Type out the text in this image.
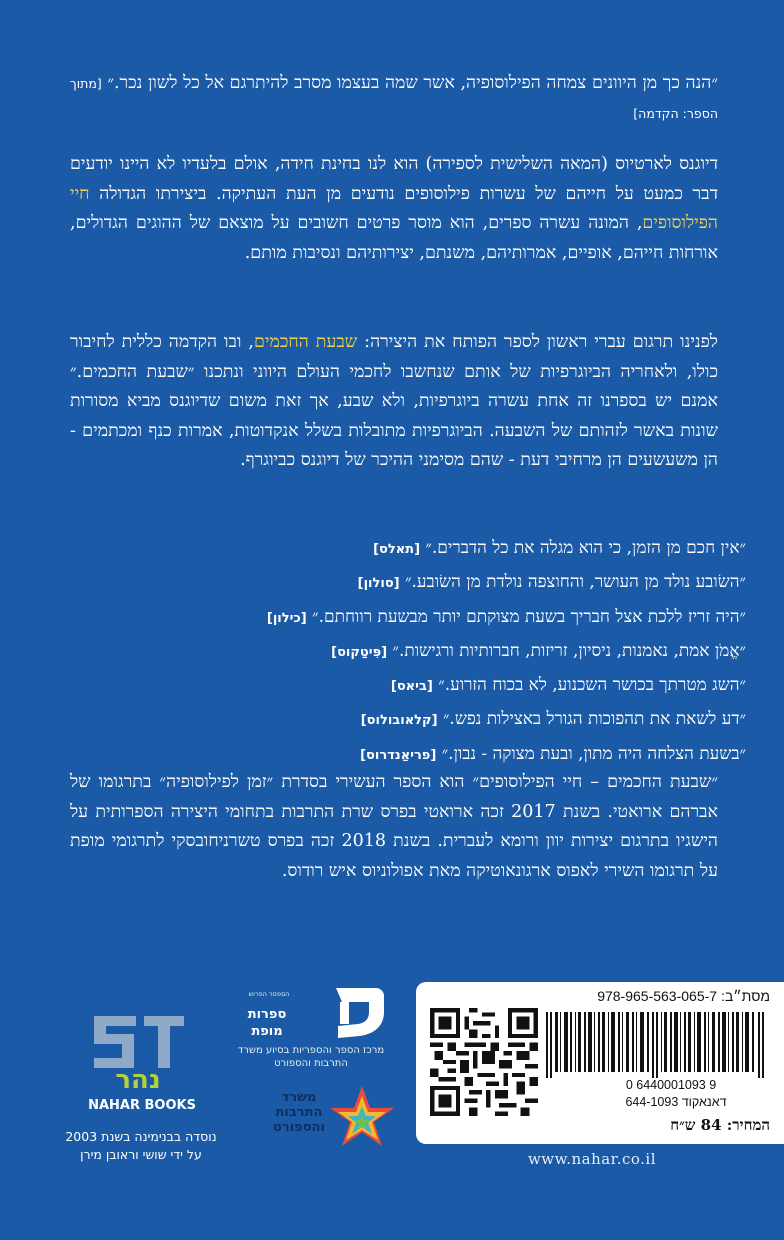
״הנה כך מן היוונים צמחה הפילוסופיה, אשר שמה בעצמו מסרב להיתרגם אל כל לשון נכר.״ [מתוך הספר: הקדמה]

דיוגנס לארטיוס (המאה השלישית לספירה) הוא לנו בחינת חידה, אולם בלעדיו לא היינו יודעים דבר כמעט על חייהם של עשרות פילוסופים נודעים מן העת העתיקה. ביצירתו הגדולה חיי הפילוסופים, המונה עשרה ספרים, הוא מוסר פרטים חשובים על מוצאם של ההוגים הגדולים, אורחות חייהם, אופיים, אמרותיהם, משנתם, יצירותיהם ונסיבות מותם.

לפנינו תרגום עברי ראשון לספר הפותח את היצירה: שבעת החכמים, ובו הקדמה כללית לחיבור כולו, ולאחריה הביוגרפיות של אותם שנחשבו לחכמי העולם היווני ונתכנו ״שבעת החכמים.״ אמנם יש בספרנו זה אחת עשרה ביוגרפיות, ולא שבע, אך זאת משום שדיוגנס מביא מסורות שונות באשר לזהותם של השבעה. הביוגרפיות מתובלות בשלל אנקדוטות, אמרות כנף ומכתמים - הן משעשעים הן מרחיבי דעת - שהם מסימני ההיכר של דיוגנס כביוגרף.

״אין חכם מן הזמן, כי הוא מגלה את כל הדברים.״ [תאלס]
״השׂובע נולד מן העושר, והחוצפה נולדת מן השׂובע.״ [סולון]
״היה זריז ללכת אצל חבריך בשעת מצוקתם יותר מבשעת רווחתם.״ [כילון]
״אֱמֹן אמת, נאמנות, ניסיון, זריזות, חברותיות ורגישות.״ [פִּיטַקוס]
״השג מטרתך בכושר השכנוע, לא בכוח הזרוע.״ [ביאס]
״דע לשאת את תהפוכות הגורל באצילות נפש.״ [קלאובולוס]
״בשעת הצלחה היה מתון, ובעת מצוקה - נבון.״ [פריאַנדרוס]

״שבעת החכמים – חיי הפילוסופים״ הוא הספר העשירי בסדרת ״זמן לפילוסופיה״ בתרגומו של אברהם ארואטי. בשנת 2017 זכה ארואטי בפרס שרת התרבות בתחומי היצירה הספרותית על הישגיו בתרגום יצירות יוון ורומא לעברית. בשנת 2018 זכה בפרס טשרניחובסקי לתרגומי מופת על תרגומו השירי לאפוס ארגונאוטיקה מאת אפולוניוס איש רודוס.

מסת״ב: 978-965-563-065-7
0 6440001093 9
דאנאקוד 644-1093
המחיר: 84 ש״ח
www.nahar.co.il
הספסר הפרוש
ספרות מופת
מרכז הספר והספריות בסיוע משרד התרבות והספורט
משרד התרבות והספורט
נהר
NAHAR BOOKS
נוסדה בבנימינה בשנת 2003
על ידי שושי וראובן מירן
